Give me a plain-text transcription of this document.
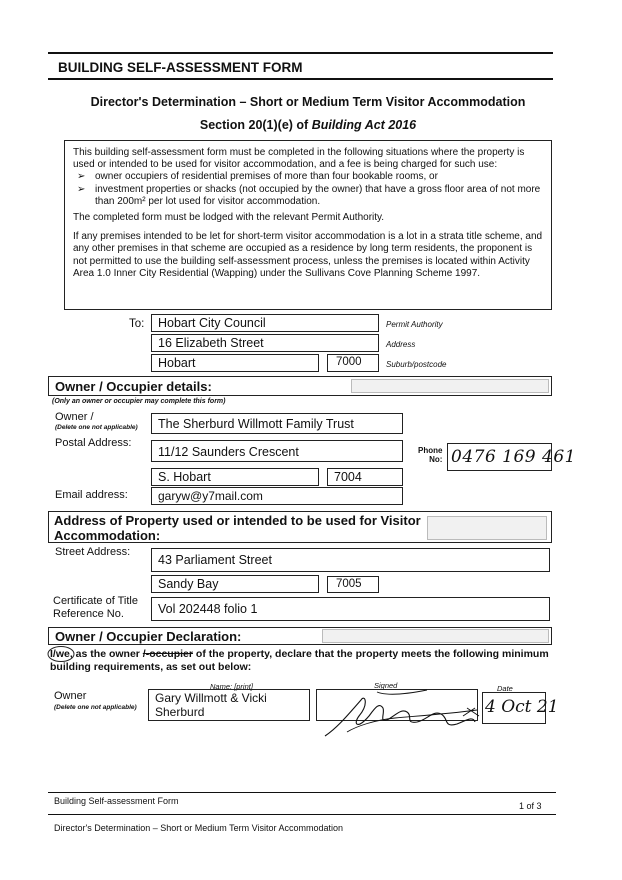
BUILDING SELF-ASSESSMENT FORM
Director's Determination – Short or Medium Term Visitor Accommodation
Section 20(1)(e) of Building Act 2016
This building self-assessment form must be completed in the following situations where the property is used or intended to be used for visitor accommodation, and a fee is being charged for such use:
➢ owner occupiers of residential premises of more than four bookable rooms, or
➢ investment properties or shacks (not occupied by the owner) that have a gross floor area of not more than 200m² per lot used for visitor accommodation.
The completed form must be lodged with the relevant Permit Authority.
If any premises intended to be let for short-term visitor accommodation is a lot in a strata title scheme, and any other premises in that scheme are occupied as a residence by long term residents, the proponent is not permitted to use the building self-assessment process, unless the premises is located within Activity Area 1.0 Inner City Residential (Wapping) under the Sullivans Cove Planning Scheme 1997.
To: Hobart City Council	Permit Authority
16 Elizabeth Street	Address
Hobart	7000	Suburb/postcode
Owner / Occupier details:
(Only an owner or occupier may complete this form)
Owner /
(Delete one not applicable) The Sherburd Willmott Family Trust
Postal Address:
11/12 Saunders Crescent	Phone
No: 0476 169 461
S. Hobart	7004
Email address:	garyw@y7mail.com
Address of Property used or intended to be used for Visitor Accommodation:
Street Address:
43 Parliament Street
Sandy Bay	7005
Certificate of Title
Reference No.	Vol 202448 folio 1
Owner / Occupier Declaration:
I/we,
as the owner /-occupier of the property, declare that the property meets the following minimum building requirements, as set out below:
Name: [print]	Signed	Date
Owner
(Delete one not applicable)
Gary Willmott & Vicki Sherburd	4 Oct 21
Building Self-assessment Form	1 of 3
Director's Determination – Short or Medium Term Visitor Accommodation
